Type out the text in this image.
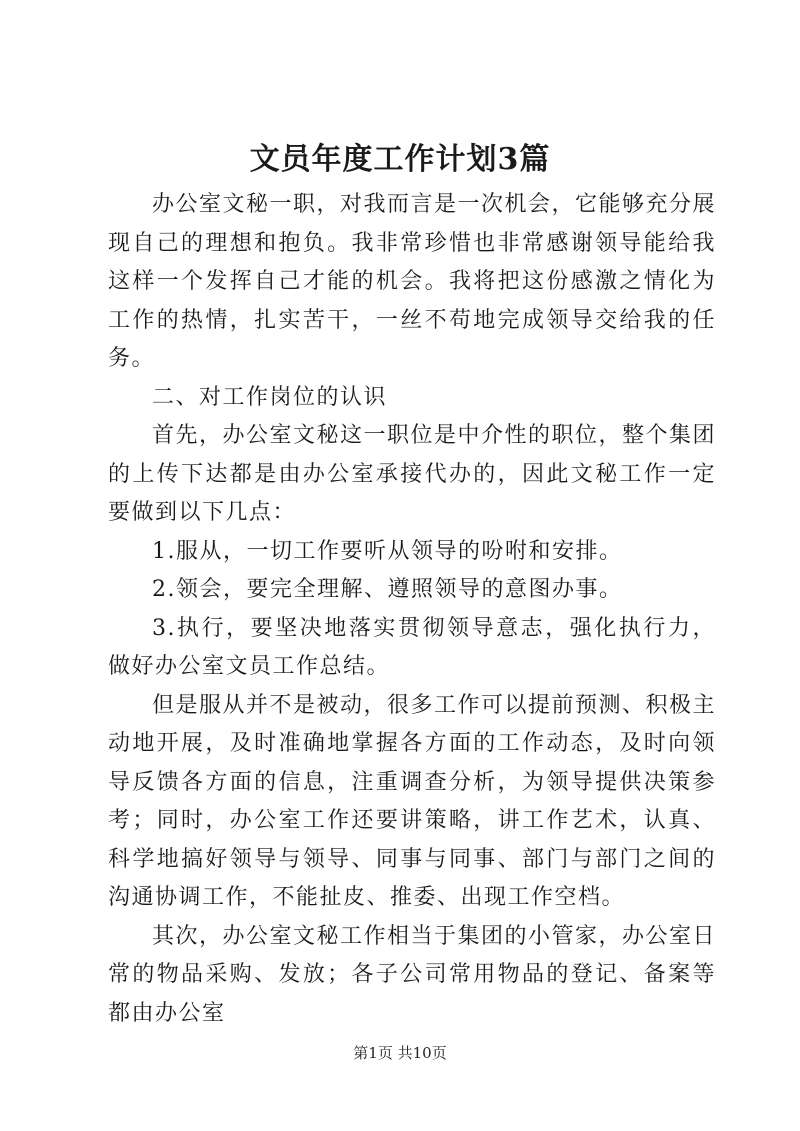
文员年度工作计划3篇

办公室文秘一职，对我而言是一次机会，它能够充分展现自己的理想和抱负。我非常珍惜也非常感谢领导能给我这样一个发挥自己才能的机会。我将把这份感激之情化为工作的热情，扎实苦干，一丝不苟地完成领导交给我的任务。

二、对工作岗位的认识

首先，办公室文秘这一职位是中介性的职位，整个集团的上传下达都是由办公室承接代办的，因此文秘工作一定要做到以下几点：

1.服从，一切工作要听从领导的吩咐和安排。

2.领会，要完全理解、遵照领导的意图办事。

3.执行，要坚决地落实贯彻领导意志，强化执行力，做好办公室文员工作总结。

但是服从并不是被动，很多工作可以提前预测、积极主动地开展，及时准确地掌握各方面的工作动态，及时向领导反馈各方面的信息，注重调查分析，为领导提供决策参考；同时，办公室工作还要讲策略，讲工作艺术，认真、科学地搞好领导与领导、同事与同事、部门与部门之间的沟通协调工作，不能扯皮、推委、出现工作空档。

其次，办公室文秘工作相当于集团的小管家，办公室日常的物品采购、发放；各子公司常用物品的登记、备案等都由办公室

第1页 共10页
